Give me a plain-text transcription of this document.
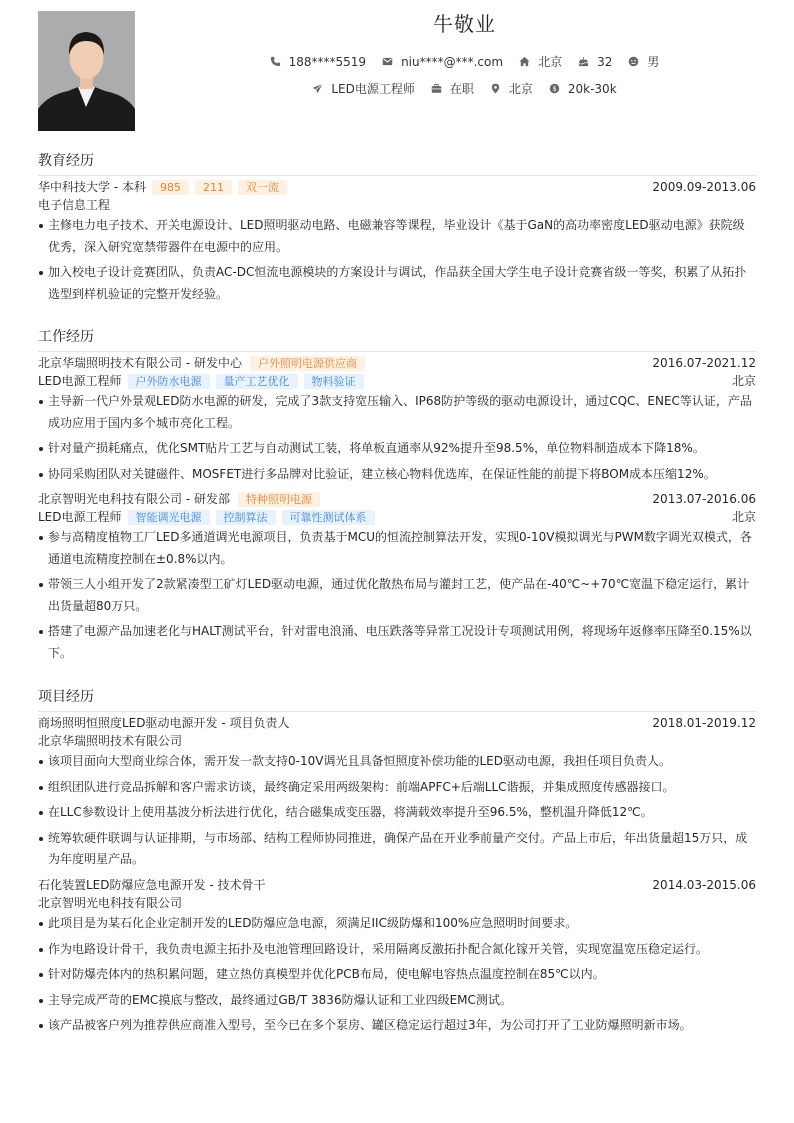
牛敬业
188****5519	niu****@***.com	北京	32	男
LED电源工程师	在职	北京	$ 20k-30k
教育经历
华中科技大学 - 本科	985	211	双一流	2009.09-2013.06
电子信息工程
主修电力电子技术、开关电源设计、LED照明驱动电路、电磁兼容等课程，毕业设计《基于GaN的高功率密度LED驱动电源》获院级优秀，深入研究宽禁带器件在电源中的应用。
加入校电子设计竞赛团队，负责AC-DC恒流电源模块的方案设计与调试，作品获全国大学生电子设计竞赛省级一等奖，积累了从拓扑选型到样机验证的完整开发经验。
工作经历
北京华瑞照明技术有限公司 - 研发中心	户外照明电源供应商	2016.07-2021.12
LED电源工程师	户外防水电源	量产工艺优化	物料验证	北京
主导新一代户外景观LED防水电源的研发，完成了3款支持宽压输入、IP68防护等级的驱动电源设计，通过CQC、ENEC等认证，产品成功应用于国内多个城市亮化工程。
针对量产损耗痛点，优化SMT贴片工艺与自动测试工装，将单板直通率从92%提升至98.5%，单位物料制造成本下降18%。
协同采购团队对关键磁件、MOSFET进行多品牌对比验证，建立核心物料优选库，在保证性能的前提下将BOM成本压缩12%。
北京智明光电科技有限公司 - 研发部	特种照明电源	2013.07-2016.06
LED电源工程师	智能调光电源	控制算法	可靠性测试体系	北京
参与高精度植物工厂LED多通道调光电源项目，负责基于MCU的恒流控制算法开发，实现0-10V模拟调光与PWM数字调光双模式，各通道电流精度控制在±0.8%以内。
带领三人小组开发了2款紧凑型工矿灯LED驱动电源，通过优化散热布局与灌封工艺，使产品在-40℃~+70℃宽温下稳定运行，累计出货量超80万只。
搭建了电源产品加速老化与HALT测试平台，针对雷电浪涌、电压跌落等异常工况设计专项测试用例，将现场年返修率压降至0.15%以下。
项目经历
商场照明恒照度LED驱动电源开发 - 项目负责人	2018.01-2019.12
北京华瑞照明技术有限公司
该项目面向大型商业综合体，需开发一款支持0-10V调光且具备恒照度补偿功能的LED驱动电源，我担任项目负责人。
组织团队进行竞品拆解和客户需求访谈，最终确定采用两级架构：前端APFC+后端LLC谐振，并集成照度传感器接口。
在LLC参数设计上使用基波分析法进行优化，结合磁集成变压器，将满载效率提升至96.5%，整机温升降低12℃。
统筹软硬件联调与认证排期，与市场部、结构工程师协同推进，确保产品在开业季前量产交付。产品上市后，年出货量超15万只，成为年度明星产品。
石化装置LED防爆应急电源开发 - 技术骨干	2014.03-2015.06
北京智明光电科技有限公司
此项目是为某石化企业定制开发的LED防爆应急电源，须满足IIC级防爆和100%应急照明时间要求。
作为电路设计骨干，我负责电源主拓扑及电池管理回路设计，采用隔离反激拓扑配合氮化镓开关管，实现宽温宽压稳定运行。
针对防爆壳体内的热积累问题，建立热仿真模型并优化PCB布局，使电解电容热点温度控制在85℃以内。
主导完成严苛的EMC摸底与整改，最终通过GB/T 3836防爆认证和工业四级EMC测试。
该产品被客户列为推荐供应商准入型号，至今已在多个泵房、罐区稳定运行超过3年，为公司打开了工业防爆照明新市场。
